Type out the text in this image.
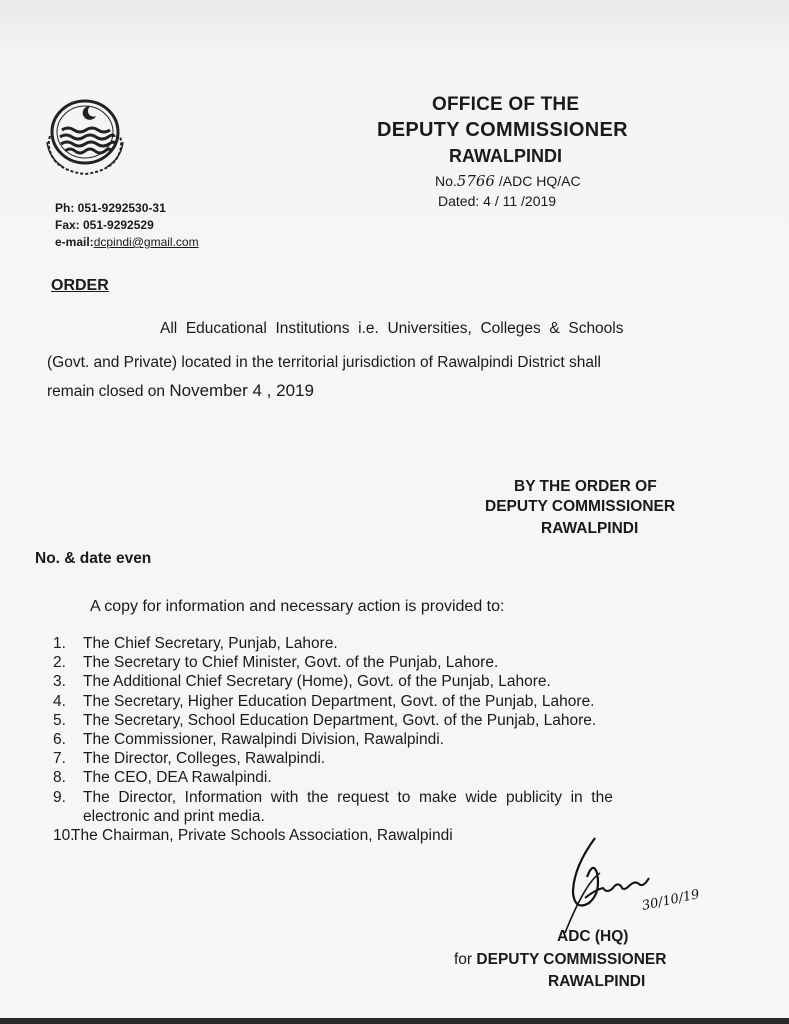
OFFICE OF THE
DEPUTY COMMISSIONER
RAWALPINDI
No.5766 /ADC HQ/AC
Dated: 4 / 11 /2019
Ph: 051-9292530-31
Fax: 051-9292529
e-mail:dcpindi@gmail.com
ORDER
All  Educational  Institutions  i.e.  Universities,  Colleges  &  Schools
(Govt. and Private) located in the territorial jurisdiction of Rawalpindi District shall
remain closed on November 4 , 2019
BY THE ORDER OF
DEPUTY COMMISSIONER
RAWALPINDI
No. & date even
A copy for information and necessary action is provided to:
1. The Chief Secretary, Punjab, Lahore.
2. The Secretary to Chief Minister, Govt. of the Punjab, Lahore.
3. The Additional Chief Secretary (Home), Govt. of the Punjab, Lahore.
4. The Secretary, Higher Education Department, Govt. of the Punjab, Lahore.
5. The Secretary, School Education Department, Govt. of the Punjab, Lahore.
6. The Commissioner, Rawalpindi Division, Rawalpindi.
7. The Director, Colleges, Rawalpindi.
8. The CEO, DEA Rawalpindi.
9. The  Director,  Information  with  the  request  to  make  wide  publicity  in  the
electronic and print media.
10.The Chairman, Private Schools Association, Rawalpindi
30/10/19
ADC (HQ)
for DEPUTY COMMISSIONER
RAWALPINDI
